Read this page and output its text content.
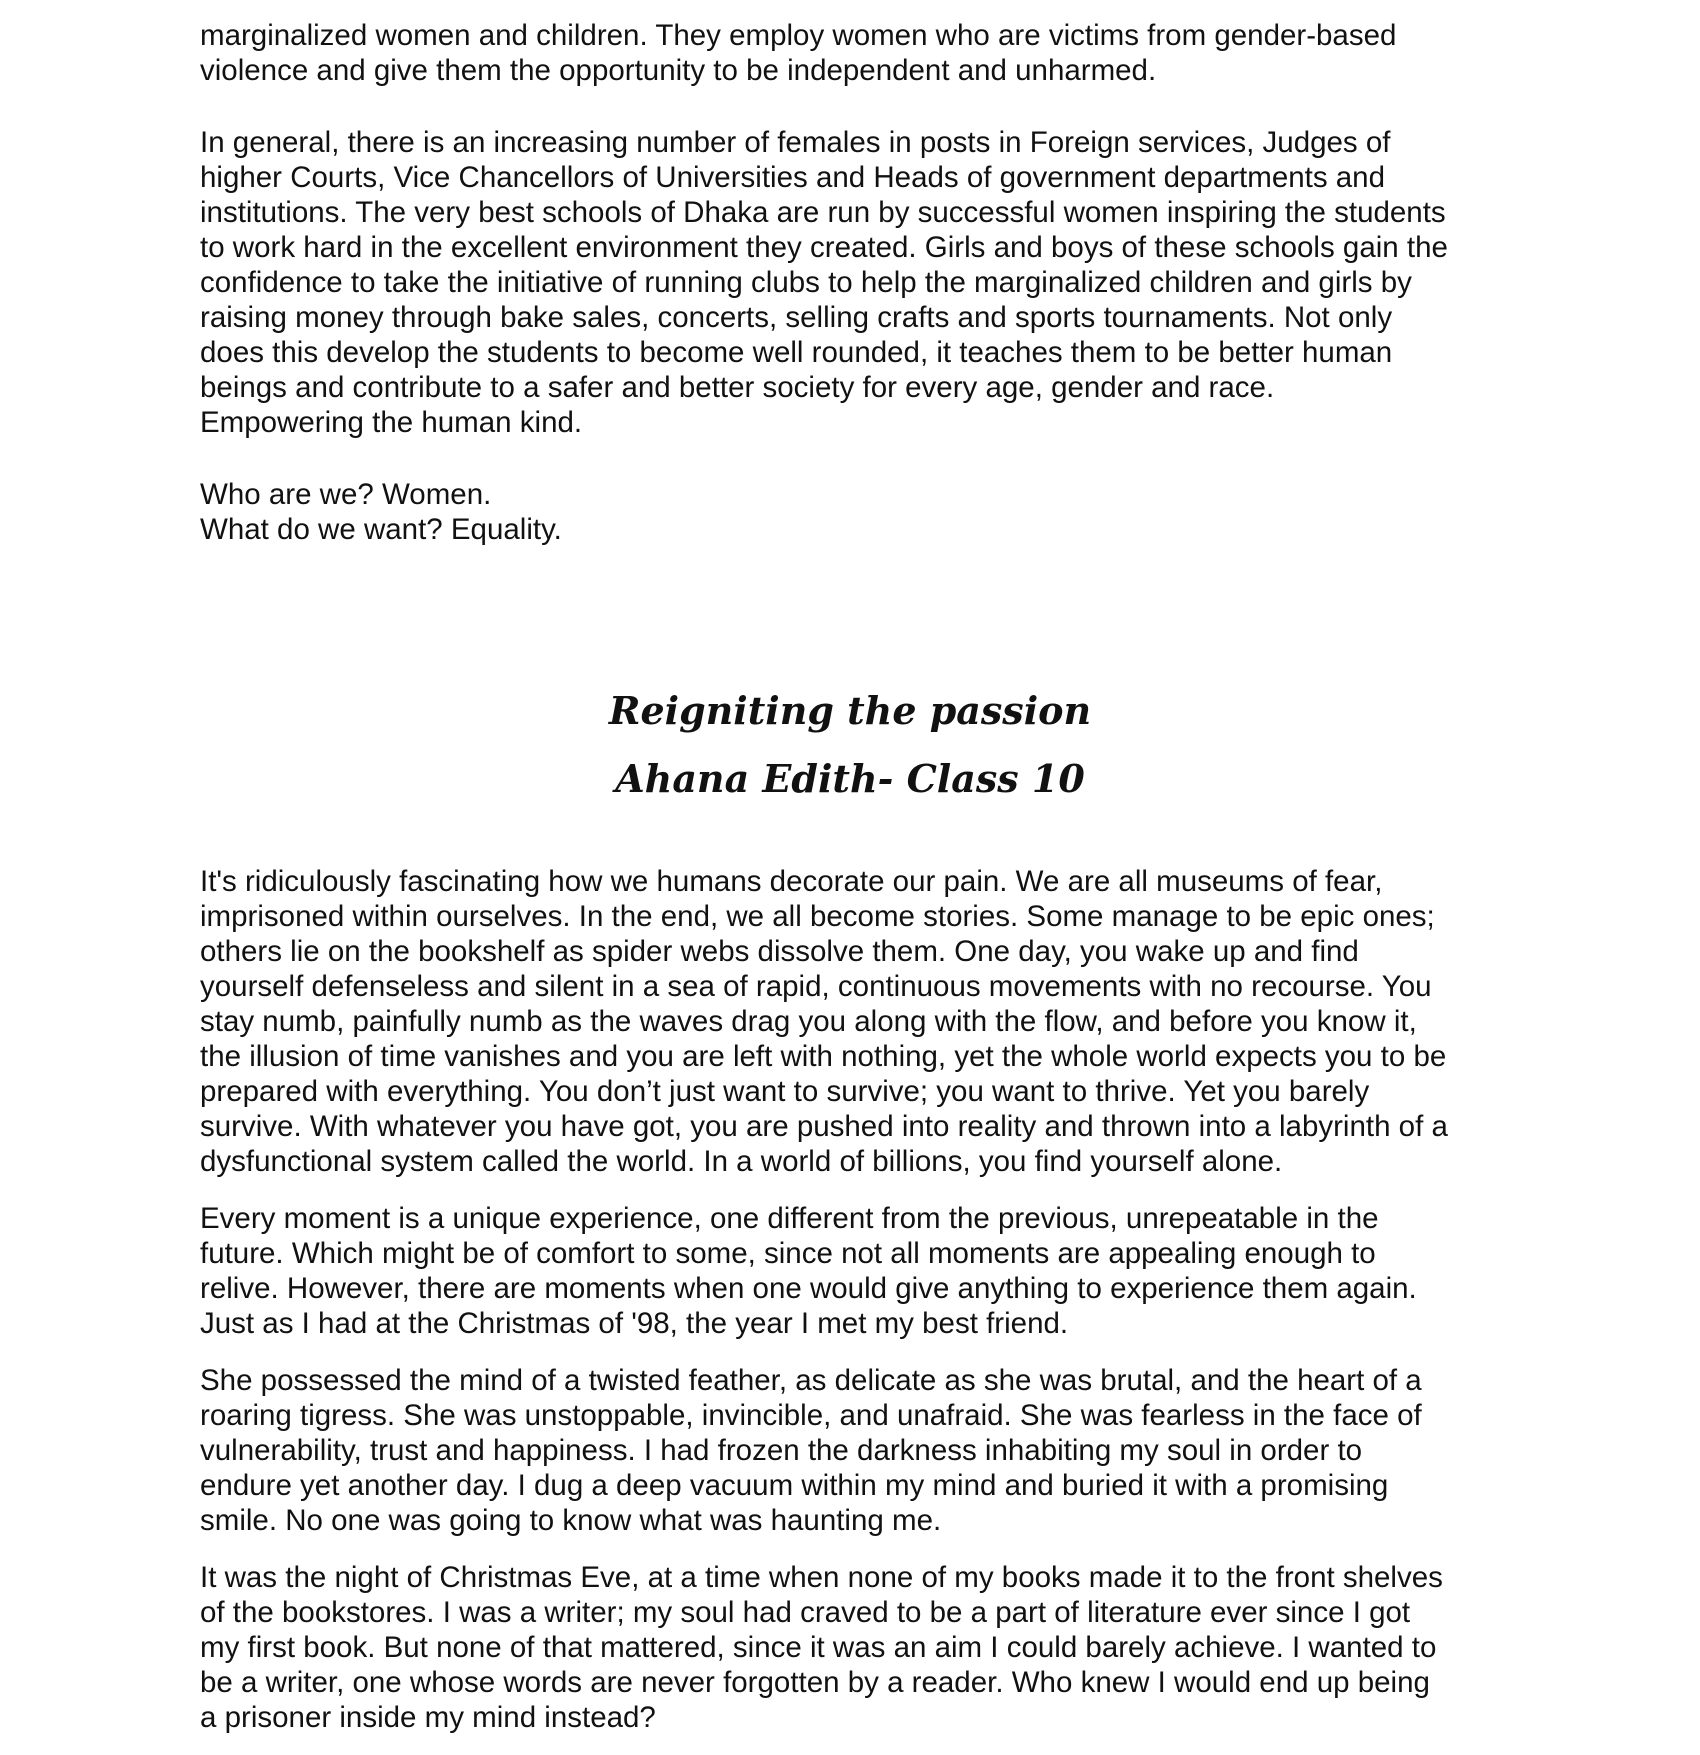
marginalized women and children. They employ women who are victims from gender-based
violence and give them the opportunity to be independent and unharmed.

In general, there is an increasing number of females in posts in Foreign services, Judges of
higher Courts, Vice Chancellors of Universities and Heads of government departments and
institutions. The very best schools of Dhaka are run by successful women inspiring the students
to work hard in the excellent environment they created. Girls and boys of these schools gain the
confidence to take the initiative of running clubs to help the marginalized children and girls by
raising money through bake sales, concerts, selling crafts and sports tournaments. Not only
does this develop the students to become well rounded, it teaches them to be better human
beings and contribute to a safer and better society for every age, gender and race.
Empowering the human kind.

Who are we? Women.
What do we want? Equality.

Reigniting the passion
Ahana Edith- Class 10

It's ridiculously fascinating how we humans decorate our pain. We are all museums of fear,
imprisoned within ourselves. In the end, we all become stories. Some manage to be epic ones;
others lie on the bookshelf as spider webs dissolve them. One day, you wake up and find
yourself defenseless and silent in a sea of rapid, continuous movements with no recourse. You
stay numb, painfully numb as the waves drag you along with the flow, and before you know it,
the illusion of time vanishes and you are left with nothing, yet the whole world expects you to be
prepared with everything. You don’t just want to survive; you want to thrive. Yet you barely
survive. With whatever you have got, you are pushed into reality and thrown into a labyrinth of a
dysfunctional system called the world. In a world of billions, you find yourself alone.

Every moment is a unique experience, one different from the previous, unrepeatable in the
future. Which might be of comfort to some, since not all moments are appealing enough to
relive. However, there are moments when one would give anything to experience them again.
Just as I had at the Christmas of '98, the year I met my best friend.

She possessed the mind of a twisted feather, as delicate as she was brutal, and the heart of a
roaring tigress. She was unstoppable, invincible, and unafraid. She was fearless in the face of
vulnerability, trust and happiness. I had frozen the darkness inhabiting my soul in order to
endure yet another day. I dug a deep vacuum within my mind and buried it with a promising
smile. No one was going to know what was haunting me.

It was the night of Christmas Eve, at a time when none of my books made it to the front shelves
of the bookstores. I was a writer; my soul had craved to be a part of literature ever since I got
my first book. But none of that mattered, since it was an aim I could barely achieve. I wanted to
be a writer, one whose words are never forgotten by a reader. Who knew I would end up being
a prisoner inside my mind instead?
